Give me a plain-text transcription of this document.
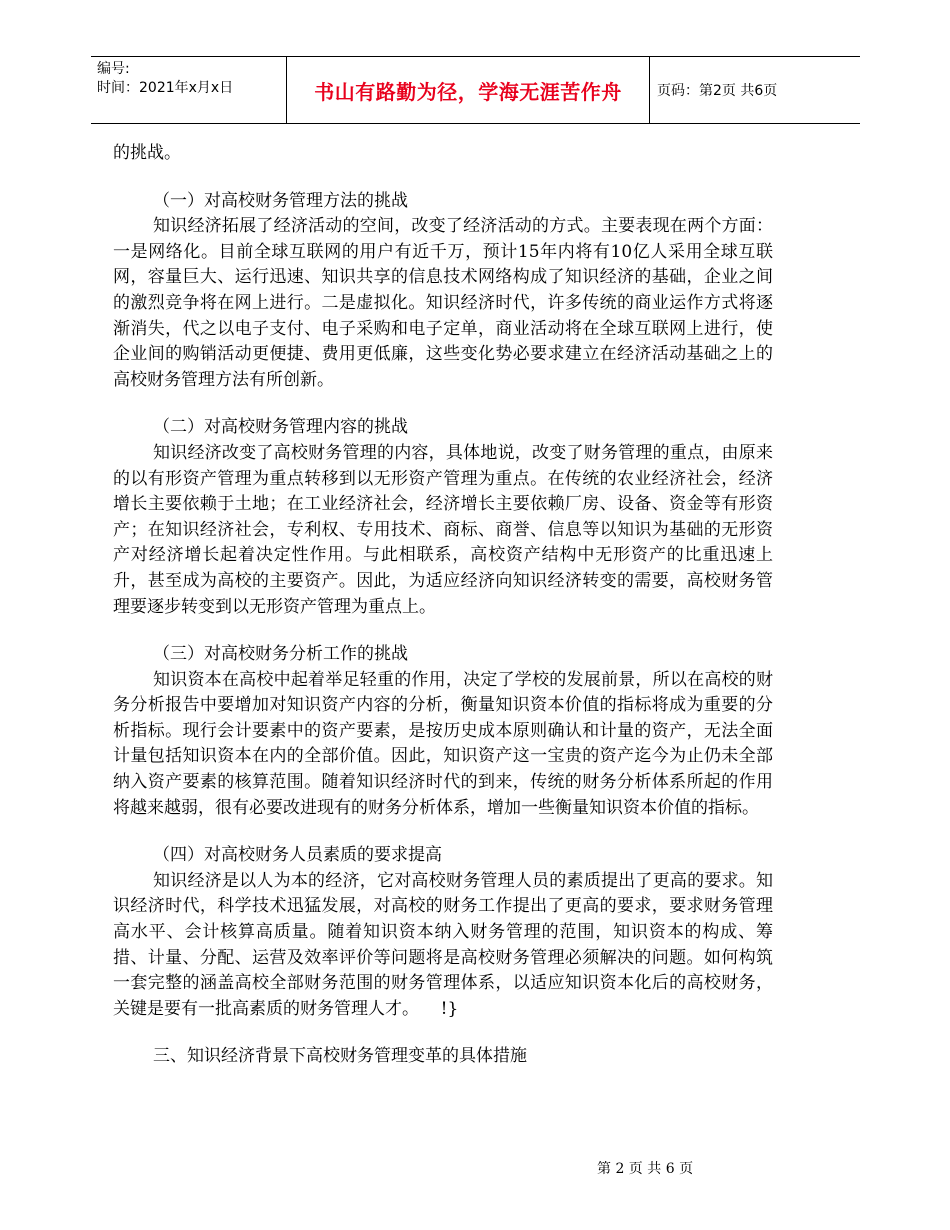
编号:
时间：2021年x月x日	书山有路勤为径，学海无涯苦作舟	页码：第2页 共6页

的挑战。

（一）对高校财务管理方法的挑战

知识经济拓展了经济活动的空间，改变了经济活动的方式。主要表现在两个方面：一是网络化。目前全球互联网的用户有近千万，预计15年内将有10亿人采用全球互联网，容量巨大、运行迅速、知识共享的信息技术网络构成了知识经济的基础，企业之间的激烈竞争将在网上进行。二是虚拟化。知识经济时代，许多传统的商业运作方式将逐渐消失，代之以电子支付、电子采购和电子定单，商业活动将在全球互联网上进行，使企业间的购销活动更便捷、费用更低廉，这些变化势必要求建立在经济活动基础之上的高校财务管理方法有所创新。

（二）对高校财务管理内容的挑战

知识经济改变了高校财务管理的内容，具体地说，改变了财务管理的重点，由原来的以有形资产管理为重点转移到以无形资产管理为重点。在传统的农业经济社会，经济增长主要依赖于土地；在工业经济社会，经济增长主要依赖厂房、设备、资金等有形资产；在知识经济社会，专利权、专用技术、商标、商誉、信息等以知识为基础的无形资产对经济增长起着决定性作用。与此相联系，高校资产结构中无形资产的比重迅速上升，甚至成为高校的主要资产。因此，为适应经济向知识经济转变的需要，高校财务管理要逐步转变到以无形资产管理为重点上。

（三）对高校财务分析工作的挑战

知识资本在高校中起着举足轻重的作用，决定了学校的发展前景，所以在高校的财务分析报告中要增加对知识资产内容的分析，衡量知识资本价值的指标将成为重要的分析指标。现行会计要素中的资产要素，是按历史成本原则确认和计量的资产，无法全面计量包括知识资本在内的全部价值。因此，知识资产这一宝贵的资产迄今为止仍未全部纳入资产要素的核算范围。随着知识经济时代的到来，传统的财务分析体系所起的作用将越来越弱，很有必要改进现有的财务分析体系，增加一些衡量知识资本价值的指标。

（四）对高校财务人员素质的要求提高

知识经济是以人为本的经济，它对高校财务管理人员的素质提出了更高的要求。知识经济时代，科学技术迅猛发展，对高校的财务工作提出了更高的要求，要求财务管理高水平、会计核算高质量。随着知识资本纳入财务管理的范围，知识资本的构成、筹措、计量、分配、运营及效率评价等问题将是高校财务管理必须解决的问题。如何构筑一套完整的涵盖高校全部财务范围的财务管理体系，以适应知识资本化后的高校财务，关键是要有一批高素质的财务管理人才。    !}

三、知识经济背景下高校财务管理变革的具体措施

第 2 页 共 6 页
